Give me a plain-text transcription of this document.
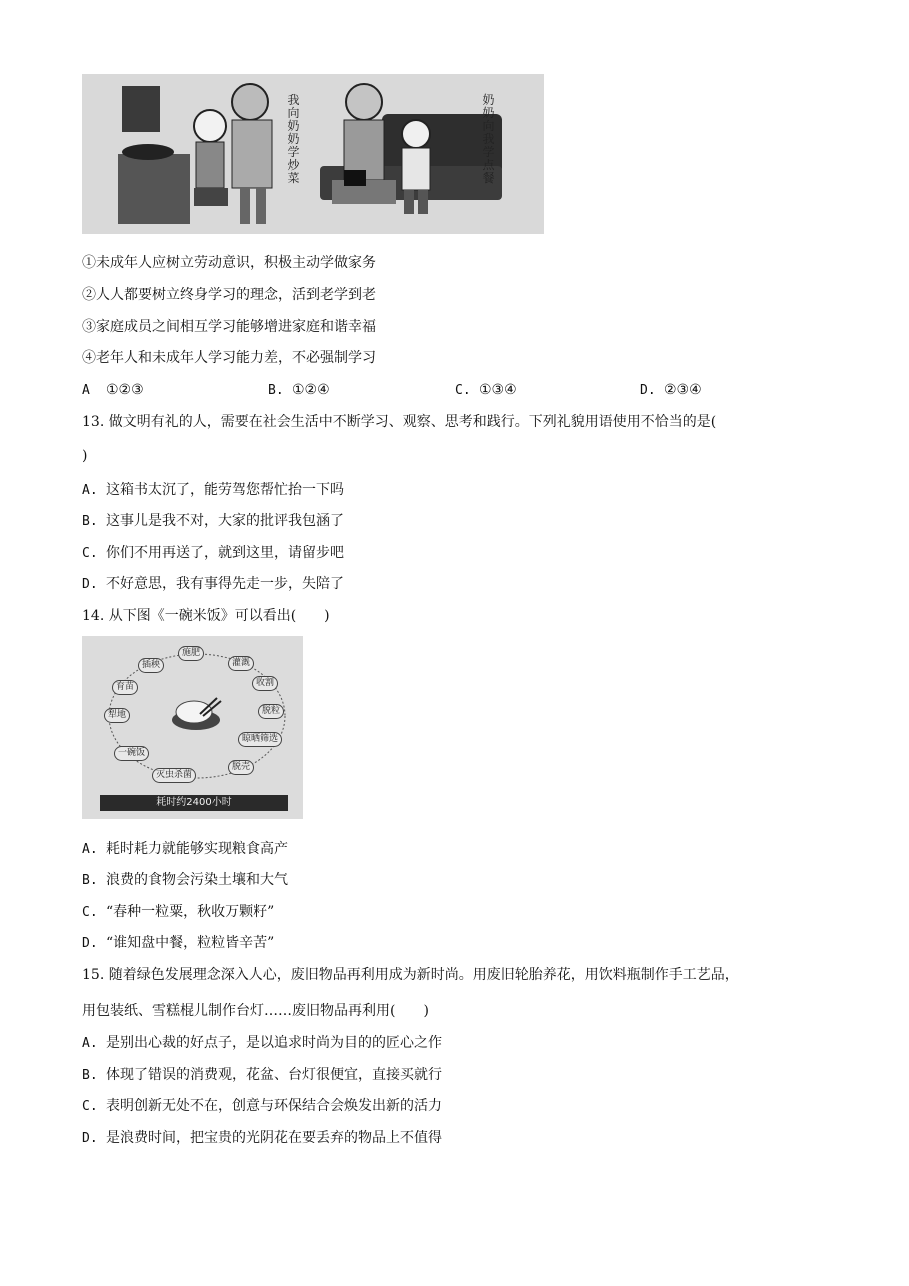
我向奶奶学炒菜
奶奶向我学点餐
①未成年人应树立劳动意识，积极主动学做家务
②人人都要树立终身学习的理念，活到老学到老
③家庭成员之间相互学习能够增进家庭和谐幸福
④老年人和未成年人学习能力差，不必强制学习
A ①②③	B. ①②④	C. ①③④	D. ②③④
13. 做文明有礼的人，需要在社会生活中不断学习、观察、思考和践行。下列礼貌用语使用不恰当的是(
)
A. 这箱书太沉了，能劳驾您帮忙抬一下吗
B. 这事儿是我不对，大家的批评我包涵了
C. 你们不用再送了，就到这里，请留步吧
D. 不好意思，我有事得先走一步，失陪了
14. 从下图《一碗米饭》可以看出(　　)
施肥
灌溉
收割
脱粒
晾晒筛选
脱壳
灭虫杀菌
一碗饭
犁地
育苗
插秧
耗时约2400小时
A. 耗时耗力就能够实现粮食高产
B. 浪费的食物会污染土壤和大气
C. “春种一粒粟，秋收万颗籽”
D. “谁知盘中餐，粒粒皆辛苦”
15. 随着绿色发展理念深入人心，废旧物品再利用成为新时尚。用废旧轮胎养花，用饮料瓶制作手工艺品，
用包装纸、雪糕棍儿制作台灯……废旧物品再利用(　　)
A. 是别出心裁的好点子，是以追求时尚为目的的匠心之作
B. 体现了错误的消费观，花盆、台灯很便宜，直接买就行
C. 表明创新无处不在，创意与环保结合会焕发出新的活力
D. 是浪费时间，把宝贵的光阴花在要丢弃的物品上不值得
